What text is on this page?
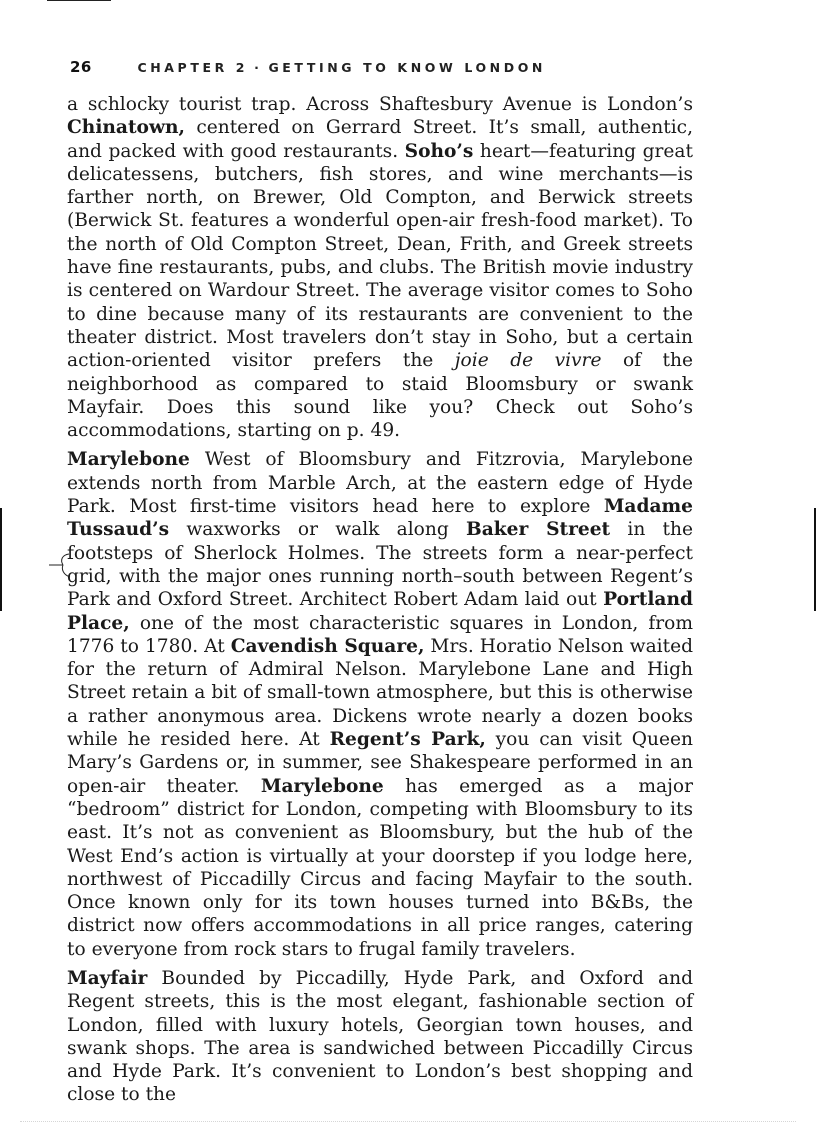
26	CHAPTER 2 · GETTING TO KNOW LONDON

a schlocky tourist trap. Across Shaftesbury Avenue is London’s Chinatown, centered on Gerrard Street. It’s small, authentic, and packed with good restaurants. Soho’s heart—featuring great delicatessens, butchers, fish stores, and wine merchants—is farther north, on Brewer, Old Compton, and Berwick streets (Berwick St. features a wonderful open-air fresh-food market). To the north of Old Compton Street, Dean, Frith, and Greek streets have fine restaurants, pubs, and clubs. The British movie industry is centered on Wardour Street. The average visitor comes to Soho to dine because many of its restaurants are convenient to the theater district. Most travelers don’t stay in Soho, but a certain action-oriented visitor prefers the joie de vivre of the neighborhood as compared to staid Bloomsbury or swank Mayfair. Does this sound like you? Check out Soho’s accommodations, starting on p. 49.

Marylebone West of Bloomsbury and Fitzrovia, Marylebone extends north from Marble Arch, at the eastern edge of Hyde Park. Most first-time visitors head here to explore Madame Tussaud’s waxworks or walk along Baker Street in the footsteps of Sherlock Holmes. The streets form a near-perfect grid, with the major ones running north–south between Regent’s Park and Oxford Street. Architect Robert Adam laid out Portland Place, one of the most characteristic squares in London, from 1776 to 1780. At Cavendish Square, Mrs. Horatio Nelson waited for the return of Admiral Nelson. Marylebone Lane and High Street retain a bit of small-town atmosphere, but this is otherwise a rather anonymous area. Dickens wrote nearly a dozen books while he resided here. At Regent’s Park, you can visit Queen Mary’s Gardens or, in summer, see Shakespeare performed in an open-air theater. Marylebone has emerged as a major “bedroom” district for London, competing with Bloomsbury to its east. It’s not as convenient as Bloomsbury, but the hub of the West End’s action is virtually at your doorstep if you lodge here, northwest of Piccadilly Circus and facing Mayfair to the south. Once known only for its town houses turned into B&Bs, the district now offers accommodations in all price ranges, catering to everyone from rock stars to frugal family travelers.

Mayfair Bounded by Piccadilly, Hyde Park, and Oxford and Regent streets, this is the most elegant, fashionable section of London, filled with luxury hotels, Georgian town houses, and swank shops. The area is sandwiched between Piccadilly Circus and Hyde Park. It’s convenient to London’s best shopping and close to the
